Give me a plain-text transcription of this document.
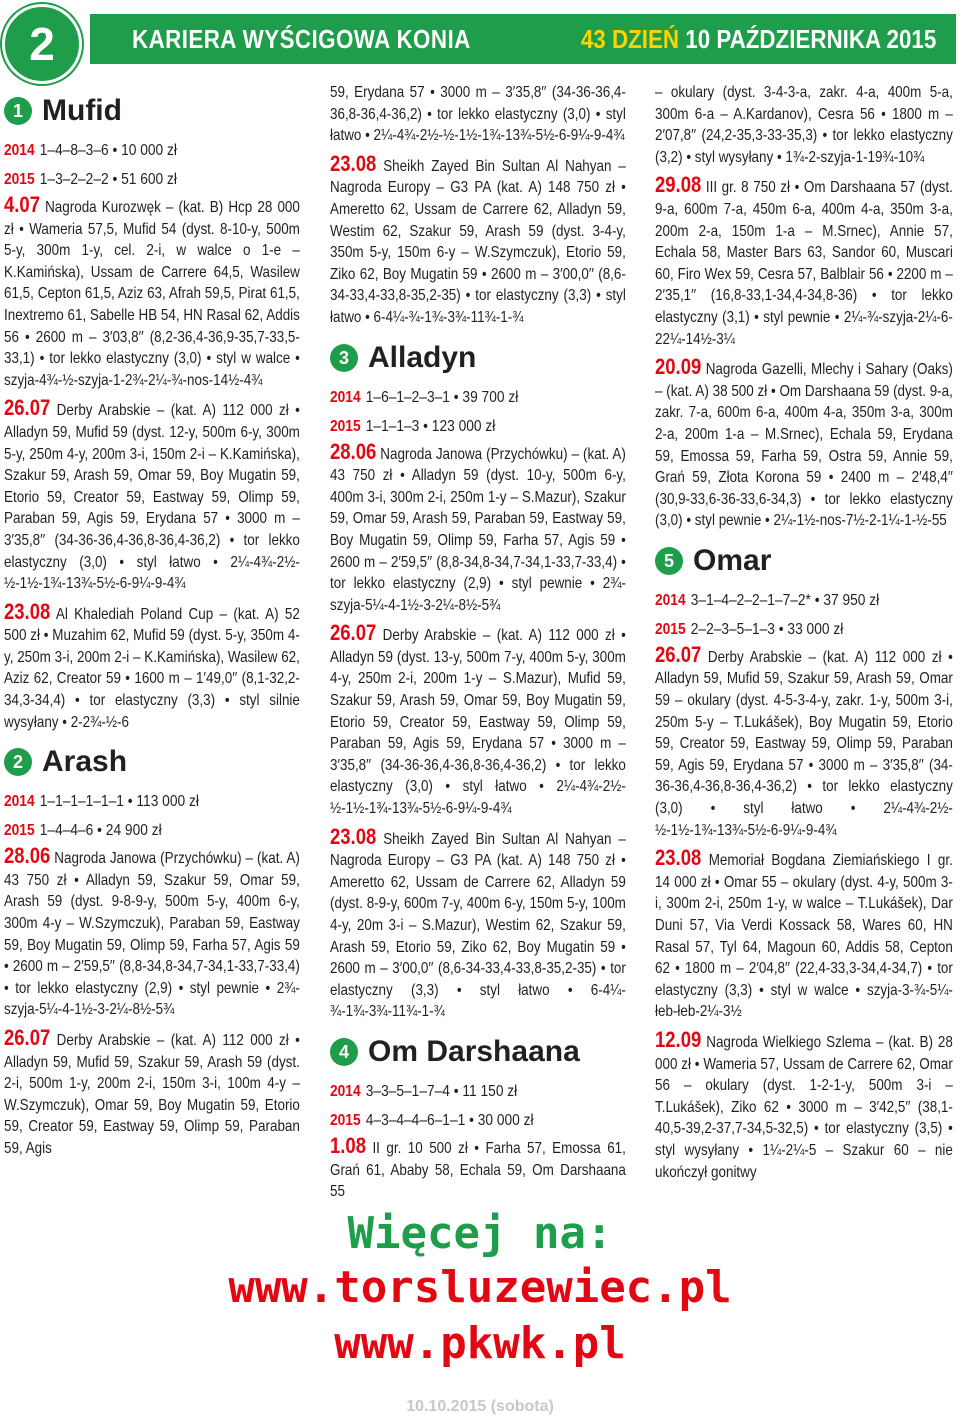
2	KARIERA WYŚCIGOWA KONIA	43 DZIEŃ 10 PAŹDZIERNIKA 2015
1 Mufid
2014 1–4–8–3–6 • 10 000 zł
2015 1–3–2–2–2 • 51 600 zł

4.07 Nagroda Kurozwęk – (kat. B) Hcp 28 000 zł • Wameria 57,5, Mufid 54 (dyst. 8-10-y, 500m 5-y, 300m 1-y, cel. 2-i, w walce o 1-e – K.Kamińska), Ussam de Carrere 64,5, Wasilew 61,5, Cepton 61,5, Aziz 63, Afrah 59,5, Pirat 61,5, Inextremo 61, Sabelle HB 54, HN Rasal 62, Addis 56 • 2600 m – 3′03,8′′ (8,2-36,4-36,9-35,7-33,5-33,1) • tor lekko elastyczny (3,0) • styl w walce • szyja-4¾-½-szyja-1-2¾-2¼-¾-nos-14½-4¾

26.07 Derby Arabskie – (kat. A) 112 000 zł • Alladyn 59, Mufid 59 (dyst. 12-y, 500m 6-y, 300m 5-y, 250m 4-y, 200m 3-i, 150m 2-i – K.Kamińska), Szakur 59, Arash 59, Omar 59, Boy Mugatin 59, Etorio 59, Creator 59, Eastway 59, Olimp 59, Paraban 59, Agis 59, Erydana 57 • 3000 m – 3′35,8′′ (34-36-36,4-36,8-36,4-36,2) • tor lekko elastyczny (3,0) • styl łatwo • 2¼-4¾-2½-½-1½-1¾-13¾-5½-6-9¼-9-4¾

23.08 Al Khalediah Poland Cup – (kat. A) 52 500 zł • Muzahim 62, Mufid 59 (dyst. 5-y, 350m 4-y, 250m 3-i, 200m 2-i – K.Kamińska), Wasilew 62, Aziz 62, Creator 59 • 1600 m – 1′49,0′′ (8,1-32,2-34,3-34,4) • tor elastyczny (3,3) • styl silnie wysyłany • 2-2¾-½-6

2 Arash
2014 1–1–1–1–1–1 • 113 000 zł
2015 1–4–4–6 • 24 900 zł

28.06 Nagroda Janowa (Przychówku) – (kat. A) 43 750 zł • Alladyn 59, Szakur 59, Omar 59, Arash 59 (dyst. 9-8-9-y, 500m 5-y, 400m 6-y, 300m 4-y – W.Szymczuk), Paraban 59, Eastway 59, Boy Mugatin 59, Olimp 59, Farha 57, Agis 59 • 2600 m – 2′59,5′′ (8,8-34,8-34,7-34,1-33,7-33,4) • tor lekko elastyczny (2,9) • styl pewnie • 2¾-szyja-5¼-4-1½-3-2¼-8½-5¾

26.07 Derby Arabskie – (kat. A) 112 000 zł • Alladyn 59, Mufid 59, Szakur 59, Arash 59 (dyst. 2-i, 500m 1-y, 200m 2-i, 150m 3-i, 100m 4-y – W.Szymczuk), Omar 59, Boy Mugatin 59, Etorio 59, Creator 59, Eastway 59, Olimp 59, Paraban 59, Agis

59, Erydana 57 • 3000 m – 3′35,8′′ (34-36-36,4-36,8-36,4-36,2) • tor lekko elastyczny (3,0) • styl łatwo • 2¼-4¾-2½-½-1½-1¾-13¾-5½-6-9¼-9-4¾

23.08 Sheikh Zayed Bin Sultan Al Nahyan – Nagroda Europy – G3 PA (kat. A) 148 750 zł • Ameretto 62, Ussam de Carrere 62, Alladyn 59, Westim 62, Szakur 59, Arash 59 (dyst. 3-4-y, 350m 5-y, 150m 6-y – W.Szymczuk), Etorio 59, Ziko 62, Boy Mugatin 59 • 2600 m – 3′00,0′′ (8,6-34-33,4-33,8-35,2-35) • tor elastyczny (3,3) • styl łatwo • 6-4¼-¾-1¾-3¾-11¾-1-¾

3 Alladyn
2014 1–6–1–2–3–1 • 39 700 zł
2015 1–1–1–3 • 123 000 zł

28.06 Nagroda Janowa (Przychówku) – (kat. A) 43 750 zł • Alladyn 59 (dyst. 10-y, 500m 6-y, 400m 3-i, 300m 2-i, 250m 1-y – S.Mazur), Szakur 59, Omar 59, Arash 59, Paraban 59, Eastway 59, Boy Mugatin 59, Olimp 59, Farha 57, Agis 59 • 2600 m – 2′59,5′′ (8,8-34,8-34,7-34,1-33,7-33,4) • tor lekko elastyczny (2,9) • styl pewnie • 2¾-szyja-5¼-4-1½-3-2¼-8½-5¾

26.07 Derby Arabskie – (kat. A) 112 000 zł • Alladyn 59 (dyst. 13-y, 500m 7-y, 400m 5-y, 300m 4-y, 250m 2-i, 200m 1-y – S.Mazur), Mufid 59, Szakur 59, Arash 59, Omar 59, Boy Mugatin 59, Etorio 59, Creator 59, Eastway 59, Olimp 59, Paraban 59, Agis 59, Erydana 57 • 3000 m – 3′35,8′′ (34-36-36,4-36,8-36,4-36,2) • tor lekko elastyczny (3,0) • styl łatwo • 2¼-4¾-2½-½-1½-1¾-13¾-5½-6-9¼-9-4¾

23.08 Sheikh Zayed Bin Sultan Al Nahyan – Nagroda Europy – G3 PA (kat. A) 148 750 zł • Ameretto 62, Ussam de Carrere 62, Alladyn 59 (dyst. 8-9-y, 600m 7-y, 400m 6-y, 150m 5-y, 100m 4-y, 20m 3-i – S.Mazur), Westim 62, Szakur 59, Arash 59, Etorio 59, Ziko 62, Boy Mugatin 59 • 2600 m – 3′00,0′′ (8,6-34-33,4-33,8-35,2-35) • tor elastyczny (3,3) • styl łatwo • 6-4¼-¾-1¾-3¾-11¾-1-¾

4 Om Darshaana
2014 3–3–5–1–7–4 • 11 150 zł
2015 4–3–4–4–6–1–1 • 30 000 zł

1.08 II gr. 10 500 zł • Farha 57, Emossa 61, Grań 61, Ababy 58, Echala 59, Om Darshaana 55

– okulary (dyst. 3-4-3-a, zakr. 4-a, 400m 5-a, 300m 6-a – A.Kardanov), Cesra 56 • 1800 m – 2′07,8′′ (24,2-35,3-33-35,3) • tor lekko elastyczny (3,2) • styl wysyłany • 1¾-2-szyja-1-19¾-10¾

29.08 III gr. 8 750 zł • Om Darshaana 57 (dyst. 9-a, 600m 7-a, 450m 6-a, 400m 4-a, 350m 3-a, 200m 2-a, 150m 1-a – M.Srnec), Annie 57, Echala 58, Master Bars 63, Sandor 60, Muscari 60, Firo Wex 59, Cesra 57, Balblair 56 • 2200 m – 2′35,1′′ (16,8-33,1-34,4-34,8-36) • tor lekko elastyczny (3,1) • styl pewnie • 2¼-¾-szyja-2¼-6-22¼-14½-3¼

20.09 Nagroda Gazelli, Mlechy i Sahary (Oaks) – (kat. A) 38 500 zł • Om Darshaana 59 (dyst. 9-a, zakr. 7-a, 600m 6-a, 400m 4-a, 350m 3-a, 300m 2-a, 200m 1-a – M.Srnec), Echala 59, Erydana 59, Emossa 59, Farha 59, Ostra 59, Annie 59, Grań 59, Złota Korona 59 • 2400 m – 2′48,4′′ (30,9-33,6-36-33,6-34,3) • tor lekko elastyczny (3,0) • styl pewnie • 2¼-1½-nos-7½-2-1¼-1-½-55

5 Omar
2014 3–1–4–2–2–1–7–2* • 37 950 zł
2015 2–2–3–5–1–3 • 33 000 zł

26.07 Derby Arabskie – (kat. A) 112 000 zł • Alladyn 59, Mufid 59, Szakur 59, Arash 59, Omar 59 – okulary (dyst. 4-5-3-4-y, zakr. 1-y, 500m 3-i, 250m 5-y – T.Lukášek), Boy Mugatin 59, Etorio 59, Creator 59, Eastway 59, Olimp 59, Paraban 59, Agis 59, Erydana 57 • 3000 m – 3′35,8′′ (34-36-36,4-36,8-36,4-36,2) • tor lekko elastyczny (3,0) • styl łatwo • 2¼-4¾-2½-½-1½-1¾-13¾-5½-6-9¼-9-4¾

23.08 Memoriał Bogdana Ziemiańskiego I gr. 14 000 zł • Omar 55 – okulary (dyst. 4-y, 500m 3-i, 300m 2-i, 250m 1-y, w walce – T.Lukášek), Dar Duni 57, Via Verdi Kossack 58, Wares 60, HN Rasal 57, Tyl 64, Magoun 60, Addis 58, Cepton 62 • 1800 m – 2′04,8′′ (22,4-33,3-34,4-34,7) • tor elastyczny (3,3) • styl w walce • szyja-3-¾-5¼-łeb-łeb-2¼-3½

12.09 Nagroda Wielkiego Szlema – (kat. B) 28 000 zł • Wameria 57, Ussam de Carrere 62, Omar 56 – okulary (dyst. 1-2-1-y, 500m 3-i – T.Lukášek), Ziko 62 • 3000 m – 3′42,5′′ (38,1-40,5-39,2-37,7-34,5-32,5) • tor elastyczny (3,5) • styl wysyłany • 1¼-2¼-5 – Szakur 60 – nie ukończył gonitwy

Więcej na:
www.torsluzewiec.pl
www.pkwk.pl
10.10.2015 (sobota)
